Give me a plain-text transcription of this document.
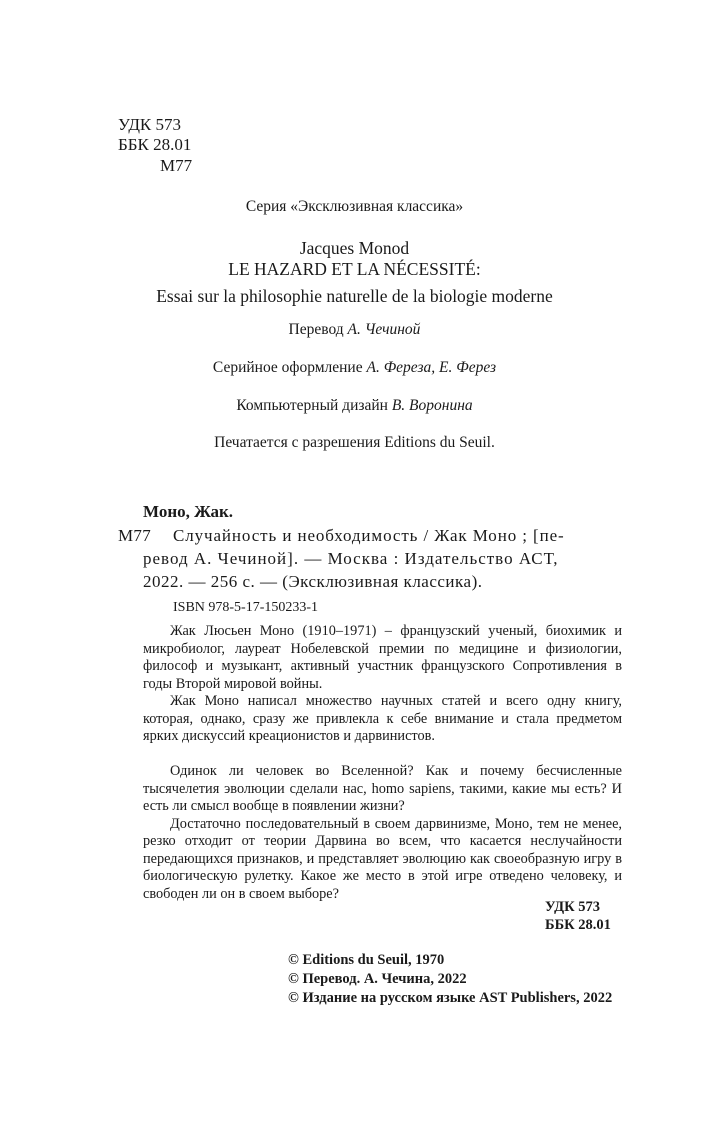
УДК 573
ББК 28.01
М77
Серия «Эксклюзивная классика»
Jacques Monod
LE HAZARD ET LA NÉCESSITÉ:
Essai sur la philosophie naturelle de la biologie moderne
Перевод А. Чечиной
Серийное оформление А. Фереза, Е. Ферез
Компьютерный дизайн В. Воронина
Печатается с разрешения Editions du Seuil.
Моно, Жак.
М77 Случайность и необходимость / Жак Моно ; [пе-
ревод А. Чечиной]. — Москва : Издательство АСТ,
2022. — 256 с. — (Эксклюзивная классика).
ISBN 978-5-17-150233-1

Жак Люсьен Моно (1910–1971) – французский ученый, биохимик и микробиолог, лауреат Нобелевской премии по медицине и физиологии, философ и музыкант, активный участник французского Сопротивления в годы Второй мировой войны.

Жак Моно написал множество научных статей и всего одну книгу, которая, однако, сразу же привлекла к себе внимание и стала предметом ярких дискуссий креационистов и дарвинистов.

Одинок ли человек во Вселенной? Как и почему бесчисленные тысячелетия эволюции сделали нас, homo sapiens, такими, какие мы есть? И есть ли смысл вообще в появлении жизни?

Достаточно последовательный в своем дарвинизме, Моно, тем не менее, резко отходит от теории Дарвина во всем, что касается неслучайности передающихся признаков, и представляет эволюцию как своеобразную игру в биологическую рулетку. Какое же место в этой игре отведено человеку, и свободен ли он в своем выборе?

УДК 573
ББК 28.01
© Editions du Seuil, 1970
© Перевод. А. Чечина, 2022
© Издание на русском языке AST Publishers, 2022
